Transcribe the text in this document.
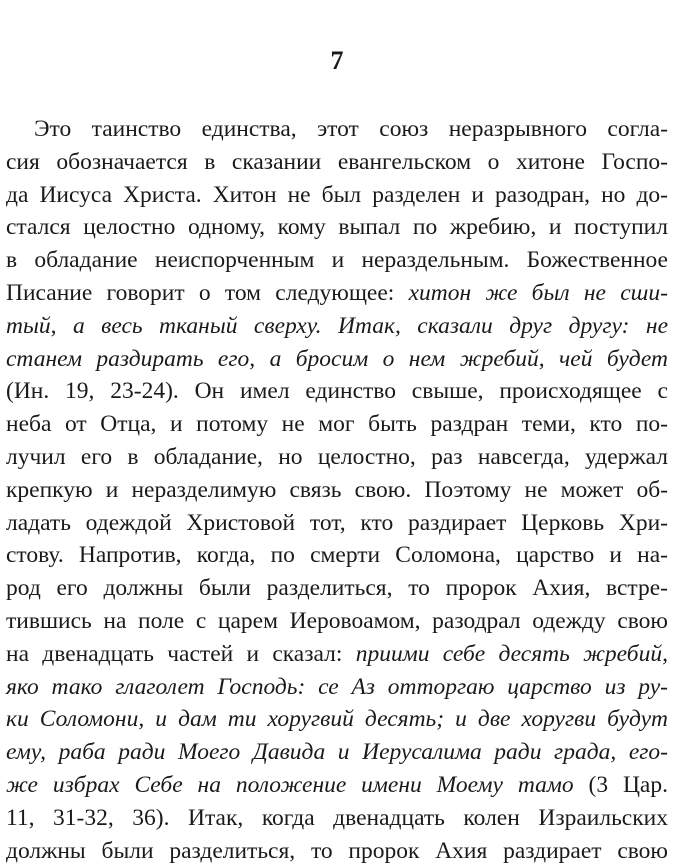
7
Это таинство единства, этот союз неразрывного согла-
сия обозначается в сказании евангельском о хитоне Госпо-
да Иисуса Христа. Хитон не был разделен и разодран, но до-
стался целостно одному, кому выпал по жребию, и поступил
в обладание неиспорченным и нераздельным. Божественное
Писание говорит о том следующее: хитон же был не сши-
тый, а весь тканый сверху. Итак, сказали друг другу: не
станем раздирать его, а бросим о нем жребий, чей будет
(Ин. 19, 23-24). Он имел единство свыше, происходящее с
неба от Отца, и потому не мог быть раздран теми, кто по-
лучил его в обладание, но целостно, раз навсегда, удержал
крепкую и неразделимую связь свою. Поэтому не может об-
ладать одеждой Христовой тот, кто раздирает Церковь Хри-
стову. Напротив, когда, по смерти Соломона, царство и на-
род его должны были разделиться, то пророк Ахия, встре-
тившись на поле с царем Иеровоамом, разодрал одежду свою
на двенадцать частей и сказал: приими себе десять жребий,
яко тако глаголет Господь: се Аз отторгаю царство из ру-
ки Соломони, и дам ти хоругвий десять; и две хоругви будут
ему, раба ради Моего Давида и Иерусалима ради града, его-
же избрах Себе на положение имени Моему тамо (3 Цар.
11, 31-32, 36). Итак, когда двенадцать колен Израильских
должны были разделиться, то пророк Ахия раздирает свою
